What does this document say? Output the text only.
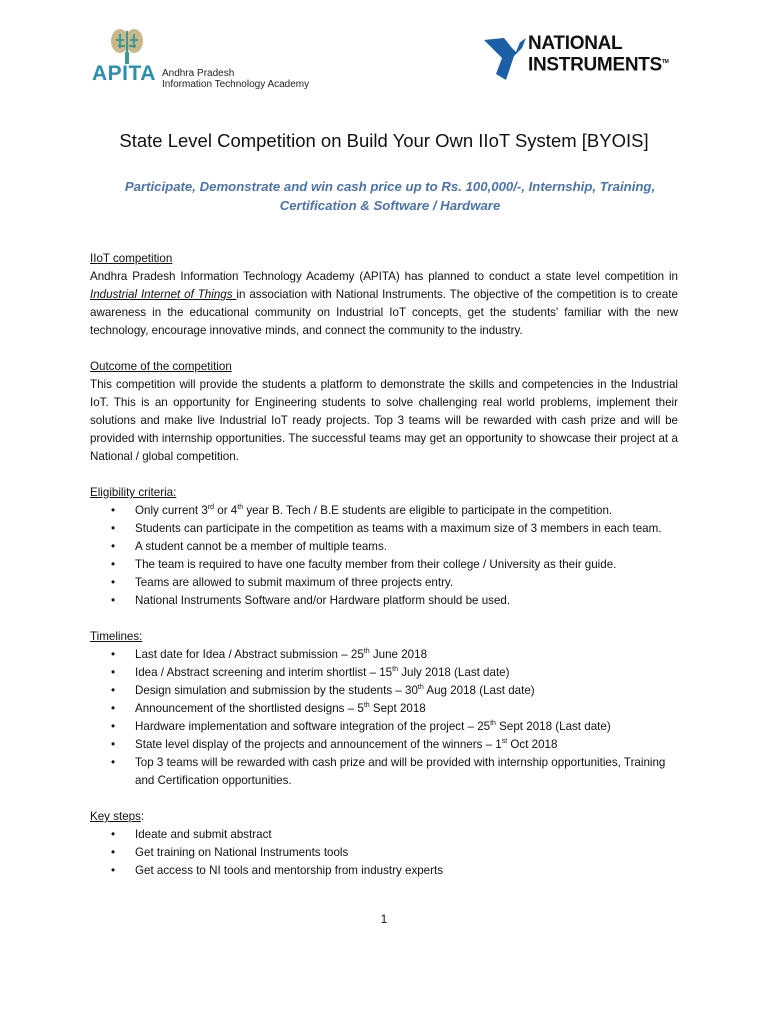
APITA Andhra Pradesh
Information Technology Academy
NATIONAL
INSTRUMENTS™
State Level Competition on Build Your Own IIoT System [BYOIS]
Participate, Demonstrate and win cash price up to Rs. 100,000/-, Internship, Training,
Certification & Software / Hardware
IIoT competition

Andhra Pradesh Information Technology Academy (APITA) has planned to conduct a state level competition in Industrial Internet of Things in association with National Instruments. The objective of the competition is to create awareness in the educational community on Industrial IoT concepts, get the students' familiar with the new technology, encourage innovative minds, and connect the community to the industry.

Outcome of the competition

This competition will provide the students a platform to demonstrate the skills and competencies in the Industrial IoT. This is an opportunity for Engineering students to solve challenging real world problems, implement their solutions and make live Industrial IoT ready projects. Top 3 teams will be rewarded with cash prize and will be provided with internship opportunities. The successful teams may get an opportunity to showcase their project at a National / global competition.

Eligibility criteria:
• Only current 3rd or 4th year B. Tech / B.E students are eligible to participate in the competition.
• Students can participate in the competition as teams with a maximum size of 3 members in each team.
• A student cannot be a member of multiple teams.
• The team is required to have one faculty member from their college / University as their guide.
• Teams are allowed to submit maximum of three projects entry.
• National Instruments Software and/or Hardware platform should be used.
Timelines:
• Last date for Idea / Abstract submission – 25th June 2018
• Idea / Abstract screening and interim shortlist – 15th July 2018 (Last date)
• Design simulation and submission by the students – 30th Aug 2018 (Last date)
• Announcement of the shortlisted designs – 5th Sept 2018
• Hardware implementation and software integration of the project – 25th Sept 2018 (Last date)
• State level display of the projects and announcement of the winners – 1st Oct 2018
• Top 3 teams will be rewarded with cash prize and will be provided with internship opportunities, Training and Certification opportunities.
Key steps:
• Ideate and submit abstract
• Get training on National Instruments tools
• Get access to NI tools and mentorship from industry experts
1
